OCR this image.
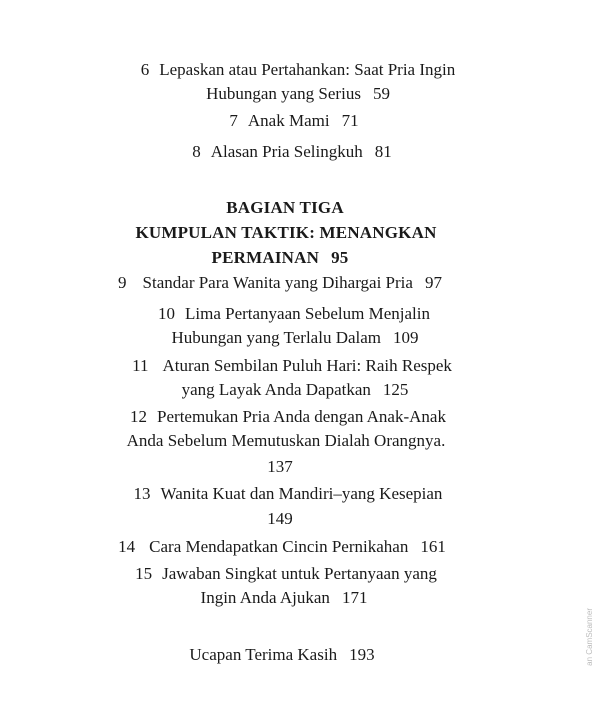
6 Lepaskan atau Pertahankan: Saat Pria Ingin
Hubungan yang Serius 59
7 Anak Mami 71
8 Alasan Pria Selingkuh 81
BAGIAN TIGA
KUMPULAN TAKTIK: MENANGKAN
PERMAINAN 95
9 Standar Para Wanita yang Dihargai Pria 97
10 Lima Pertanyaan Sebelum Menjalin
Hubungan yang Terlalu Dalam 109
11 Aturan Sembilan Puluh Hari: Raih Respek
yang Layak Anda Dapatkan 125
12 Pertemukan Pria Anda dengan Anak-Anak
Anda Sebelum Memutuskan Dialah Orangnya.
137
13 Wanita Kuat dan Mandiri–yang Kesepian
149
14 Cara Mendapatkan Cincin Pernikahan 161
15 Jawaban Singkat untuk Pertanyaan yang
Ingin Anda Ajukan 171
Ucapan Terima Kasih 193	an CamScanner
